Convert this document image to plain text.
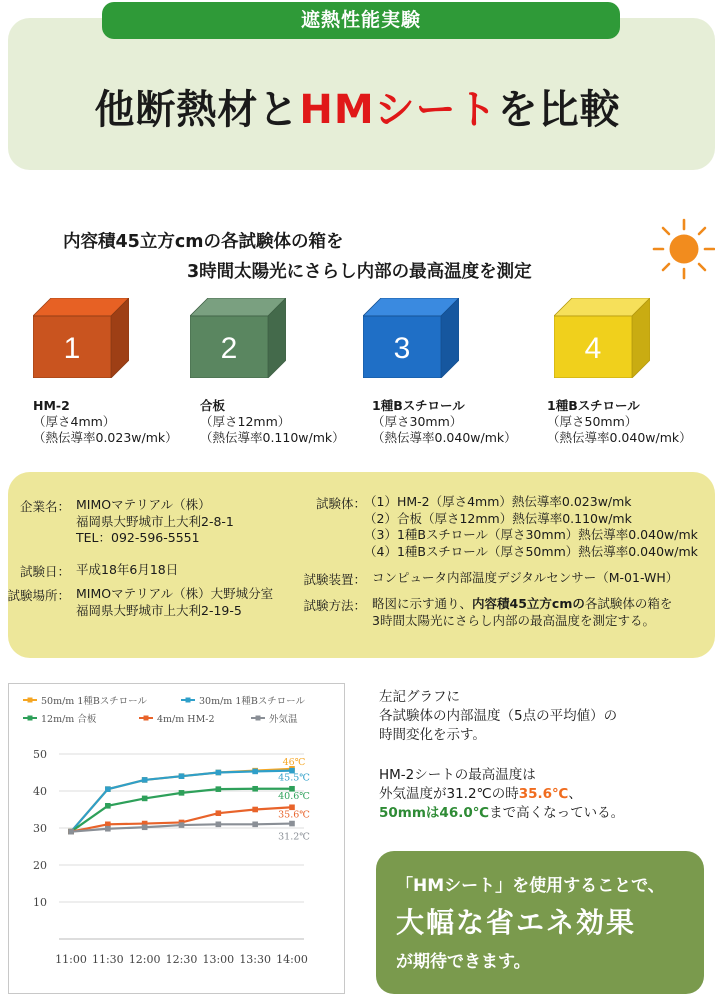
遮熱性能実験
他断熱材とHMシートを比較
内容積45立方cmの各試験体の箱を
3時間太陽光にさらし内部の最高温度を測定
1	2	3	4
HM-2
（厚さ4mm）
（熱伝導率0.023w/mk）
合板
（厚さ12mm）
（熱伝導率0.110w/mk）
1種Bスチロール
（厚さ30mm）
（熱伝導率0.040w/mk）
1種Bスチロール
（厚さ50mm）
（熱伝導率0.040w/mk）
企業名： MIMOマテリアル（株）
福岡県大野城市上大利2-8-1
TEL：092-596-5551
試験日： 平成18年6月18日
試験場所： MIMOマテリアル（株）大野城分室
福岡県大野城市上大利2-19-5
試験体：
（1）HM-2（厚さ4mm）熱伝導率0.023w/mk
（2）合板（厚さ12mm）熱伝導率0.110w/mk
（3）1種Bスチロール（厚さ30mm）熱伝導率0.040w/mk
（4）1種Bスチロール（厚さ50mm）熱伝導率0.040w/mk
試験装置： コンピュータ内部温度デジタルセンサー（M-01-WH）
試験方法： 略図に示す通り、内容積45立方cmの各試験体の箱を
3時間太陽光にさらし内部の最高温度を測定する。
50m/m 1種Bスチロール	30m/m 1種Bスチロール
12m/m 合板	4m/m HM-2	外気温
10
20
30
40
50
11:00 11:30 12:00 12:30 13:00 13:30 14:00
46℃
45.5℃
40.6℃
35.6℃
31.2℃
左記グラフに
各試験体の内部温度（5点の平均値）の
時間変化を示す。
HM-2シートの最高温度は
外気温度が31.2℃の時35.6℃、
50mmは46.0℃まで高くなっている。
「HMシート」を使用することで、
大幅な省エネ効果
が期待できます。
